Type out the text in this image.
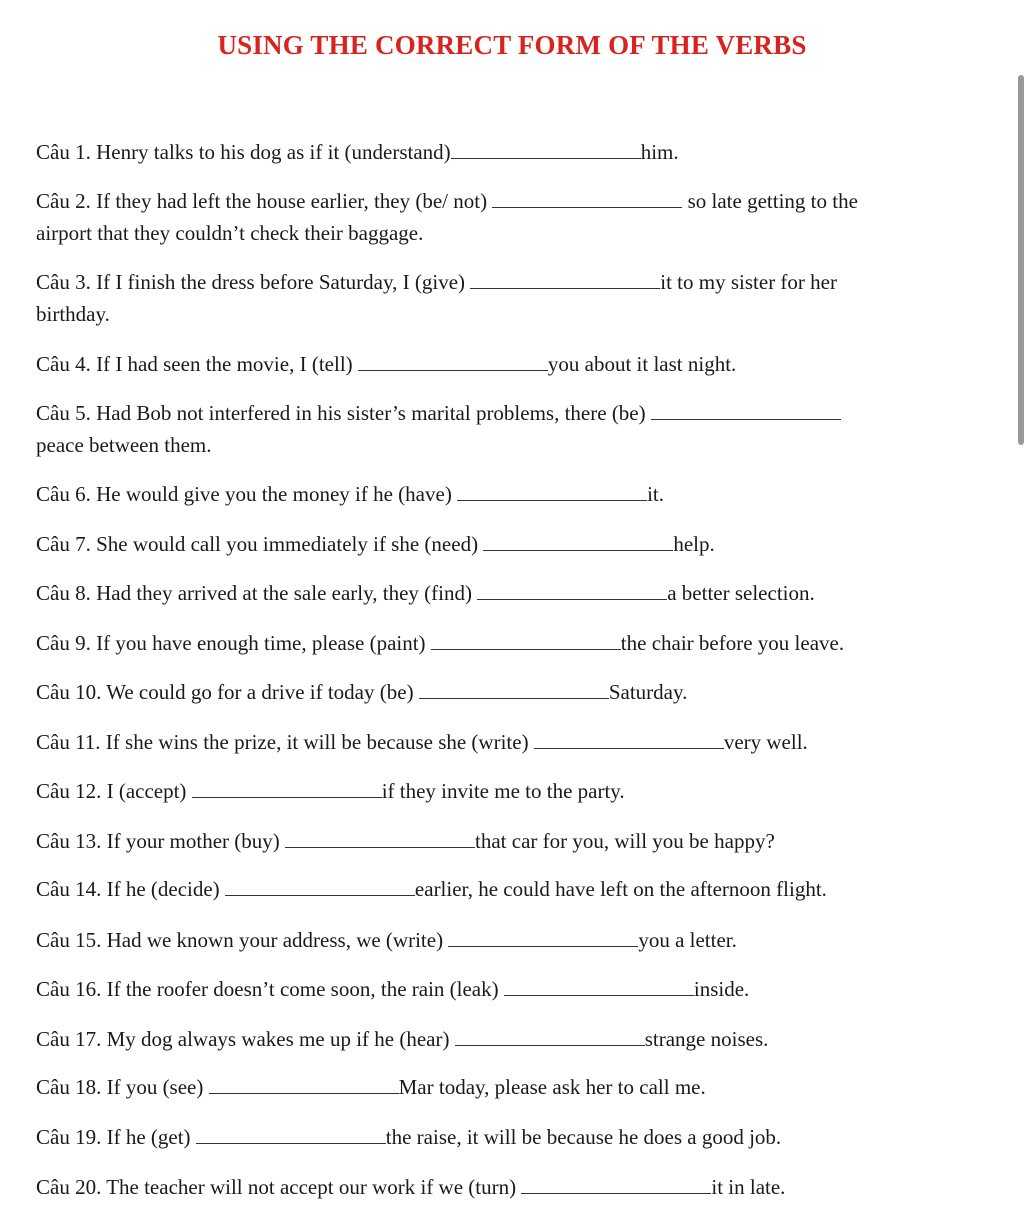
USING THE CORRECT FORM OF THE VERBS
Câu 1. Henry talks to his dog as if it (understand)	him.
Câu 2. If they had left the house earlier, they (be/ not)	so late getting to the
airport that they couldn’t check their baggage.
Câu 3. If I finish the dress before Saturday, I (give)	it to my sister for her
birthday.
Câu 4. If I had seen the movie, I (tell)	you about it last night.
Câu 5. Had Bob not interfered in his sister’s marital problems, there (be)
peace between them.
Câu 6. He would give you the money if he (have)	it.
Câu 7. She would call you immediately if she (need)	help.
Câu 8. Had they arrived at the sale early, they (find)	a better selection.
Câu 9. If you have enough time, please (paint)	the chair before you leave.
Câu 10. We could go for a drive if today (be)	Saturday.
Câu 11. If she wins the prize, it will be because she (write)	very well.
Câu 12. I (accept)	if they invite me to the party.
Câu 13. If your mother (buy)	that car for you, will you be happy?
Câu 14. If he (decide)	earlier, he could have left on the afternoon flight.
Câu 15. Had we known your address, we (write)	you a letter.
Câu 16. If the roofer doesn’t come soon, the rain (leak)	inside.
Câu 17. My dog always wakes me up if he (hear)	strange noises.
Câu 18. If you (see)	Mar today, please ask her to call me.
Câu 19. If he (get)	the raise, it will be because he does a good job.
Câu 20. The teacher will not accept our work if we (turn)	it in late.
